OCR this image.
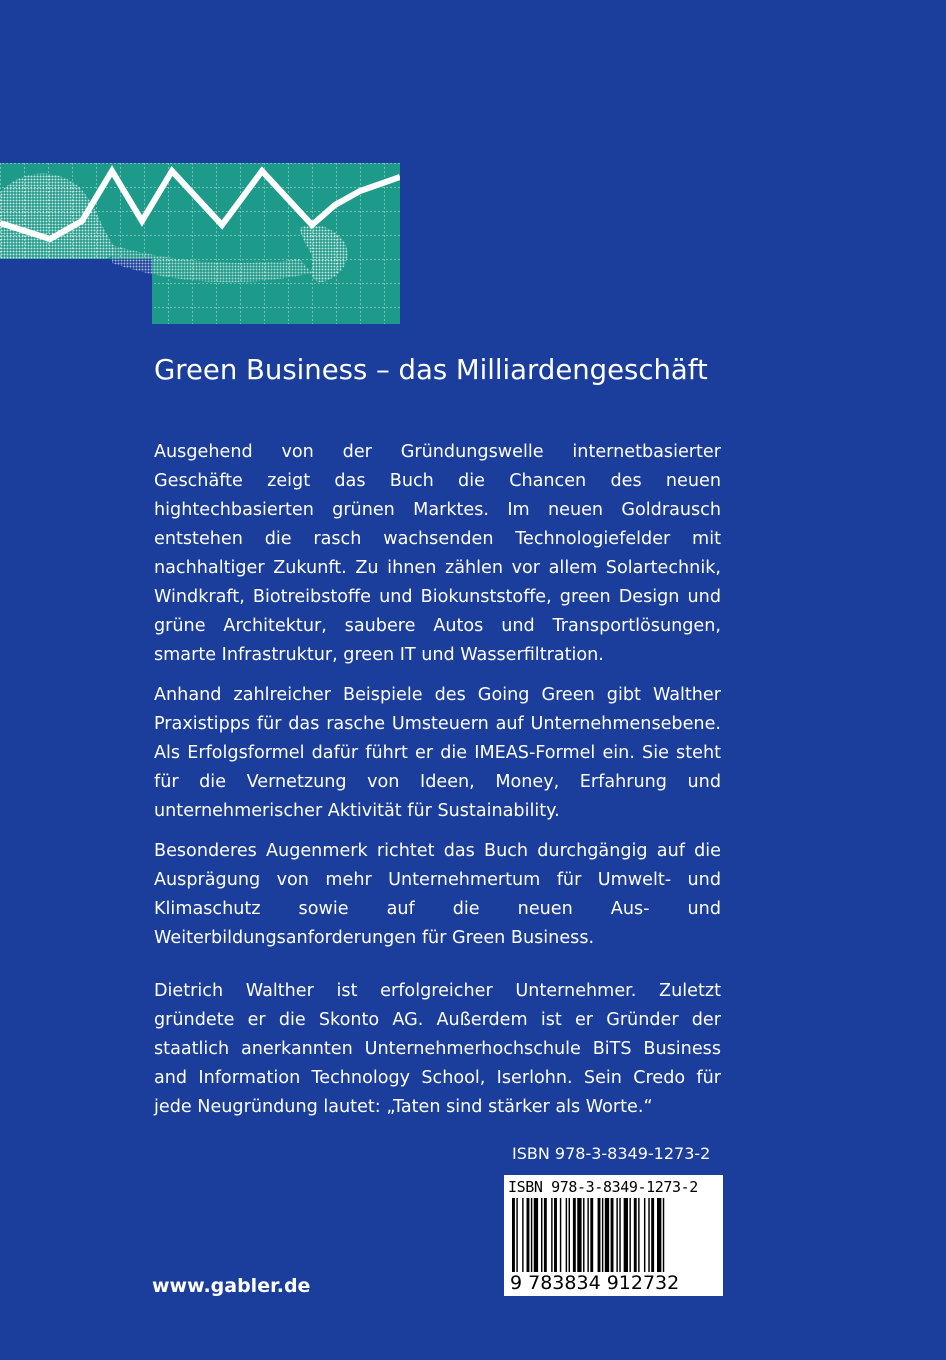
Green Business – das Milliardengeschäft

Ausgehend von der Gründungswelle internetbasierter Geschäfte zeigt das Buch die Chancen des neuen hightechbasierten grünen Marktes. Im neuen Goldrausch entstehen die rasch wachsenden Technologiefelder mit nachhaltiger Zukunft. Zu ihnen zählen vor allem Solartechnik, Windkraft, Biotreibstoffe und Biokunststoffe, green Design und grüne Architektur, saubere Autos und Transportlösungen, smarte Infrastruktur, green IT und Wasserfiltration.

Anhand zahlreicher Beispiele des Going Green gibt Walther Praxistipps für das rasche Umsteuern auf Unternehmensebene. Als Erfolgsformel dafür führt er die IMEAS-Formel ein. Sie steht für die Vernetzung von Ideen, Money, Erfahrung und unternehmerischer Aktivität für Sustainability.

Besonderes Augenmerk richtet das Buch durchgängig auf die Ausprägung von mehr Unternehmertum für Umwelt- und Klimaschutz sowie auf die neuen Aus- und Weiterbildungsanforderungen für Green Business.

Dietrich Walther ist erfolgreicher Unternehmer. Zuletzt gründete er die Skonto AG. Außerdem ist er Gründer der staatlich anerkannten Unternehmerhochschule BiTS Business and Information Technology School, Iserlohn. Sein Credo für jede Neugründung lautet: „Taten sind stärker als Worte.“

ISBN 978-3-8349-1273-2
ISBN 978-3-8349-1273-2
9 783834 912732
www.gabler.de
